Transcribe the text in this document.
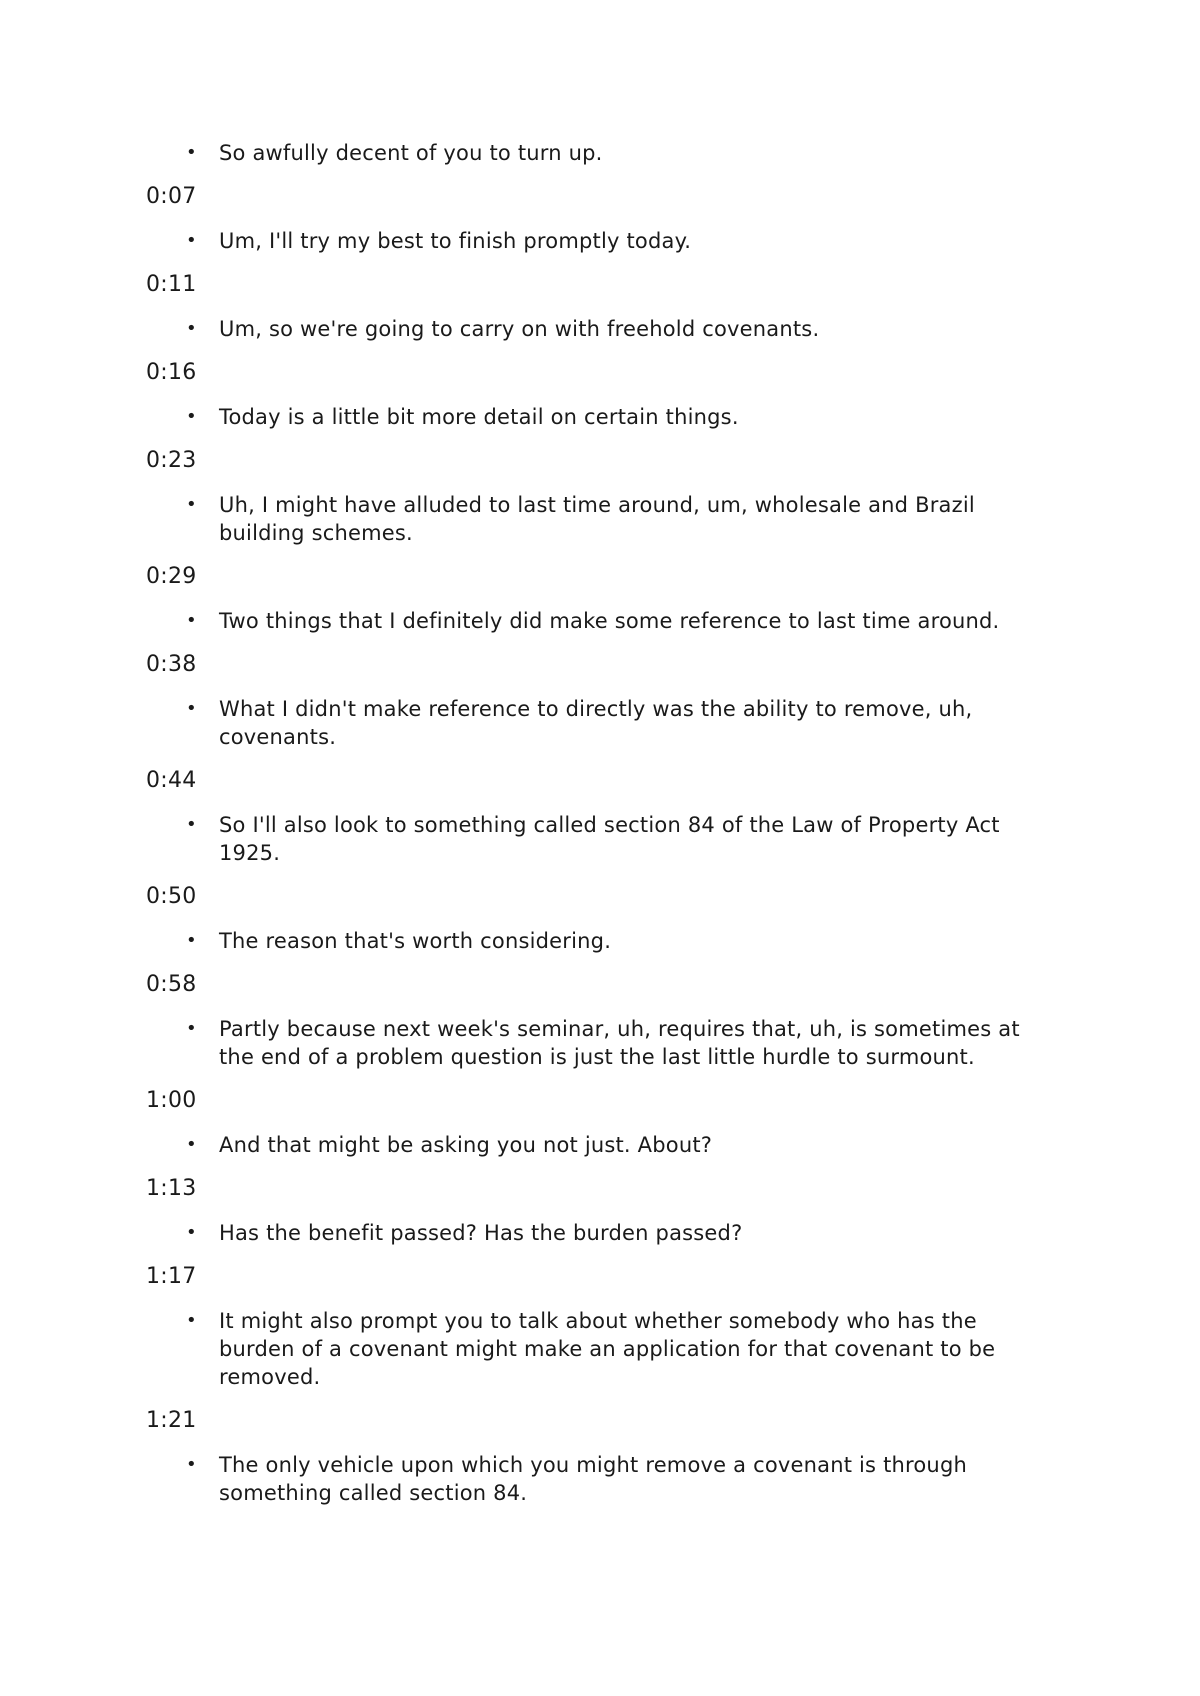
• So awfully decent of you to turn up.
0:07
• Um, I'll try my best to finish promptly today.
0:11
• Um, so we're going to carry on with freehold covenants.
0:16
• Today is a little bit more detail on certain things.
0:23
• Uh, I might have alluded to last time around, um, wholesale and Brazil building schemes.
0:29
• Two things that I definitely did make some reference to last time around.
0:38
• What I didn't make reference to directly was the ability to remove, uh, covenants.
0:44
• So I'll also look to something called section 84 of the Law of Property Act 1925.
0:50
• The reason that's worth considering.
0:58
• Partly because next week's seminar, uh, requires that, uh, is sometimes at the end of a problem question is just the last little hurdle to surmount.
1:00
• And that might be asking you not just. About?
1:13
• Has the benefit passed? Has the burden passed?
1:17
• It might also prompt you to talk about whether somebody who has the burden of a covenant might make an application for that covenant to be removed.
1:21
• The only vehicle upon which you might remove a covenant is through something called section 84.
